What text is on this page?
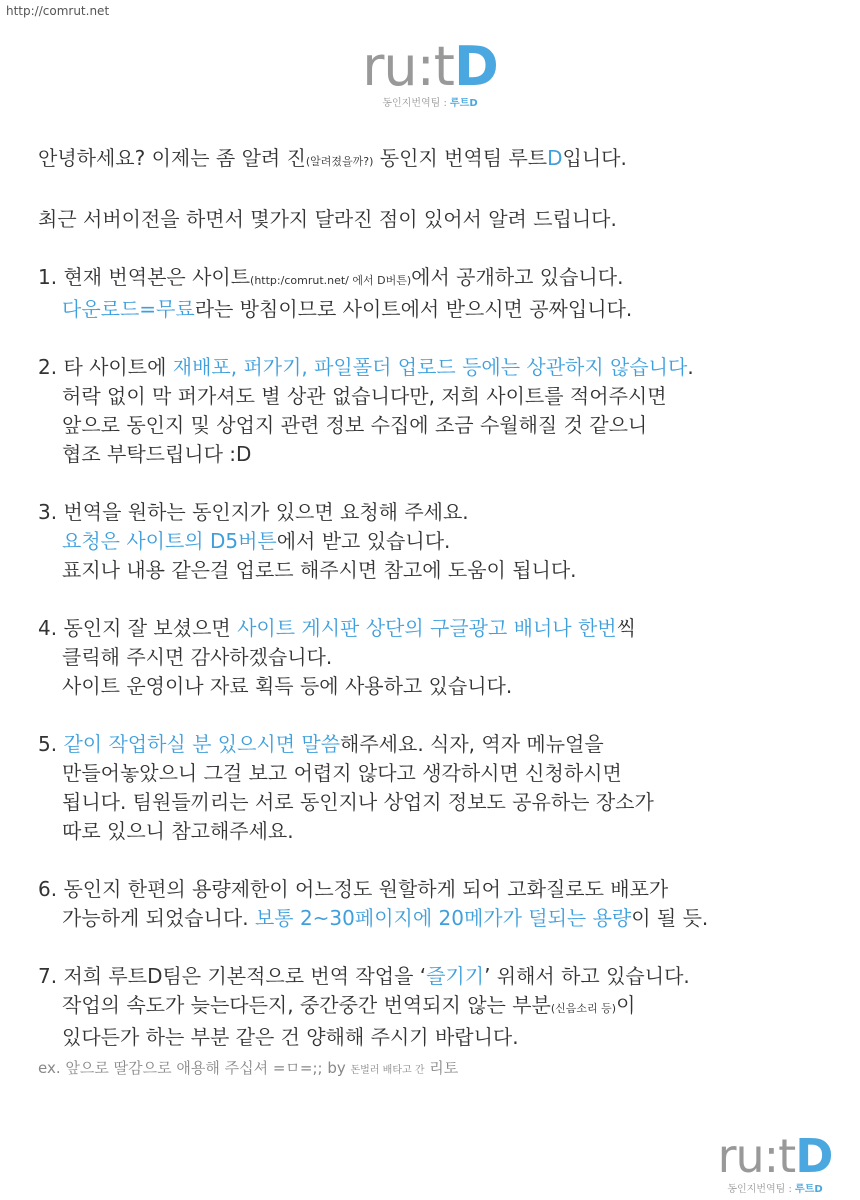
http://comrut.net
ru:tD
동인지번역팀 : 루트D
안녕하세요? 이제는 좀 알려 진(알려졌을까?) 동인지 번역팀 루트D입니다.
최근 서버이전을 하면서 몇가지 달라진 점이 있어서 알려 드립니다.
1. 현재 번역본은 사이트(http:/comrut.net/ 에서 D버튼)에서 공개하고 있습니다.
다운로드=무료라는 방침이므로 사이트에서 받으시면 공짜입니다.
2. 타 사이트에 재배포, 퍼가기, 파일폴더 업로드 등에는 상관하지 않습니다.
허락 없이 막 퍼가셔도 별 상관 없습니다만, 저희 사이트를 적어주시면
앞으로 동인지 및 상업지 관련 정보 수집에 조금 수월해질 것 같으니
협조 부탁드립니다 :D
3. 번역을 원하는 동인지가 있으면 요청해 주세요.
요청은 사이트의 D5버튼에서 받고 있습니다.
표지나 내용 같은걸 업로드 해주시면 참고에 도움이 됩니다.
4. 동인지 잘 보셨으면 사이트 게시판 상단의 구글광고 배너나 한번씩
클릭해 주시면 감사하겠습니다.
사이트 운영이나 자료 획득 등에 사용하고 있습니다.
5. 같이 작업하실 분 있으시면 말씀해주세요. 식자, 역자 메뉴얼을
만들어놓았으니 그걸 보고 어렵지 않다고 생각하시면 신청하시면
됩니다. 팀원들끼리는 서로 동인지나 상업지 정보도 공유하는 장소가
따로 있으니 참고해주세요.
6. 동인지 한편의 용량제한이 어느정도 원할하게 되어 고화질로도 배포가
가능하게 되었습니다. 보통 2~30페이지에 20메가가 덜되는 용량이 될 듯.
7. 저희 루트D팀은 기본적으로 번역 작업을 ‘즐기기’ 위해서 하고 있습니다.
작업의 속도가 늦는다든지, 중간중간 번역되지 않는 부분(신음소리 등)이
있다든가 하는 부분 같은 건 양해해 주시기 바랍니다.
ex. 앞으로 딸감으로 애용해 주십셔 =ㅁ=;; by 돈벌러 배타고 간 리토
ru:tD
동인지번역팀 : 루트D
